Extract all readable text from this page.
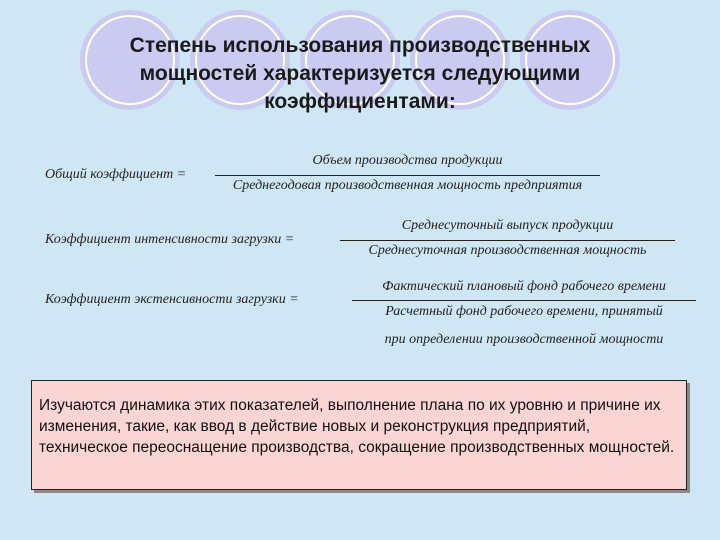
Степень использования производственных
мощностей характеризуется следующими
коэффициентами:
Общий коэффициент =
Объем производства продукции
Среднегодовая производственная мощность предприятия
Коэффициент интенсивности загрузки =
Среднесуточный выпуск продукции
Среднесуточная производственная мощность
Коэффициент экстенсивности загрузки =
Фактический плановый фонд рабочего времени
Расчетный фонд рабочего времени, принятый
при определении производственной мощности
Изучаются динамика этих показателей, выполнение плана по их уровню и причине их изменения, такие, как ввод в действие новых и реконструкция предприятий, техническое переоснащение производства, сокращение производственных мощностей.
